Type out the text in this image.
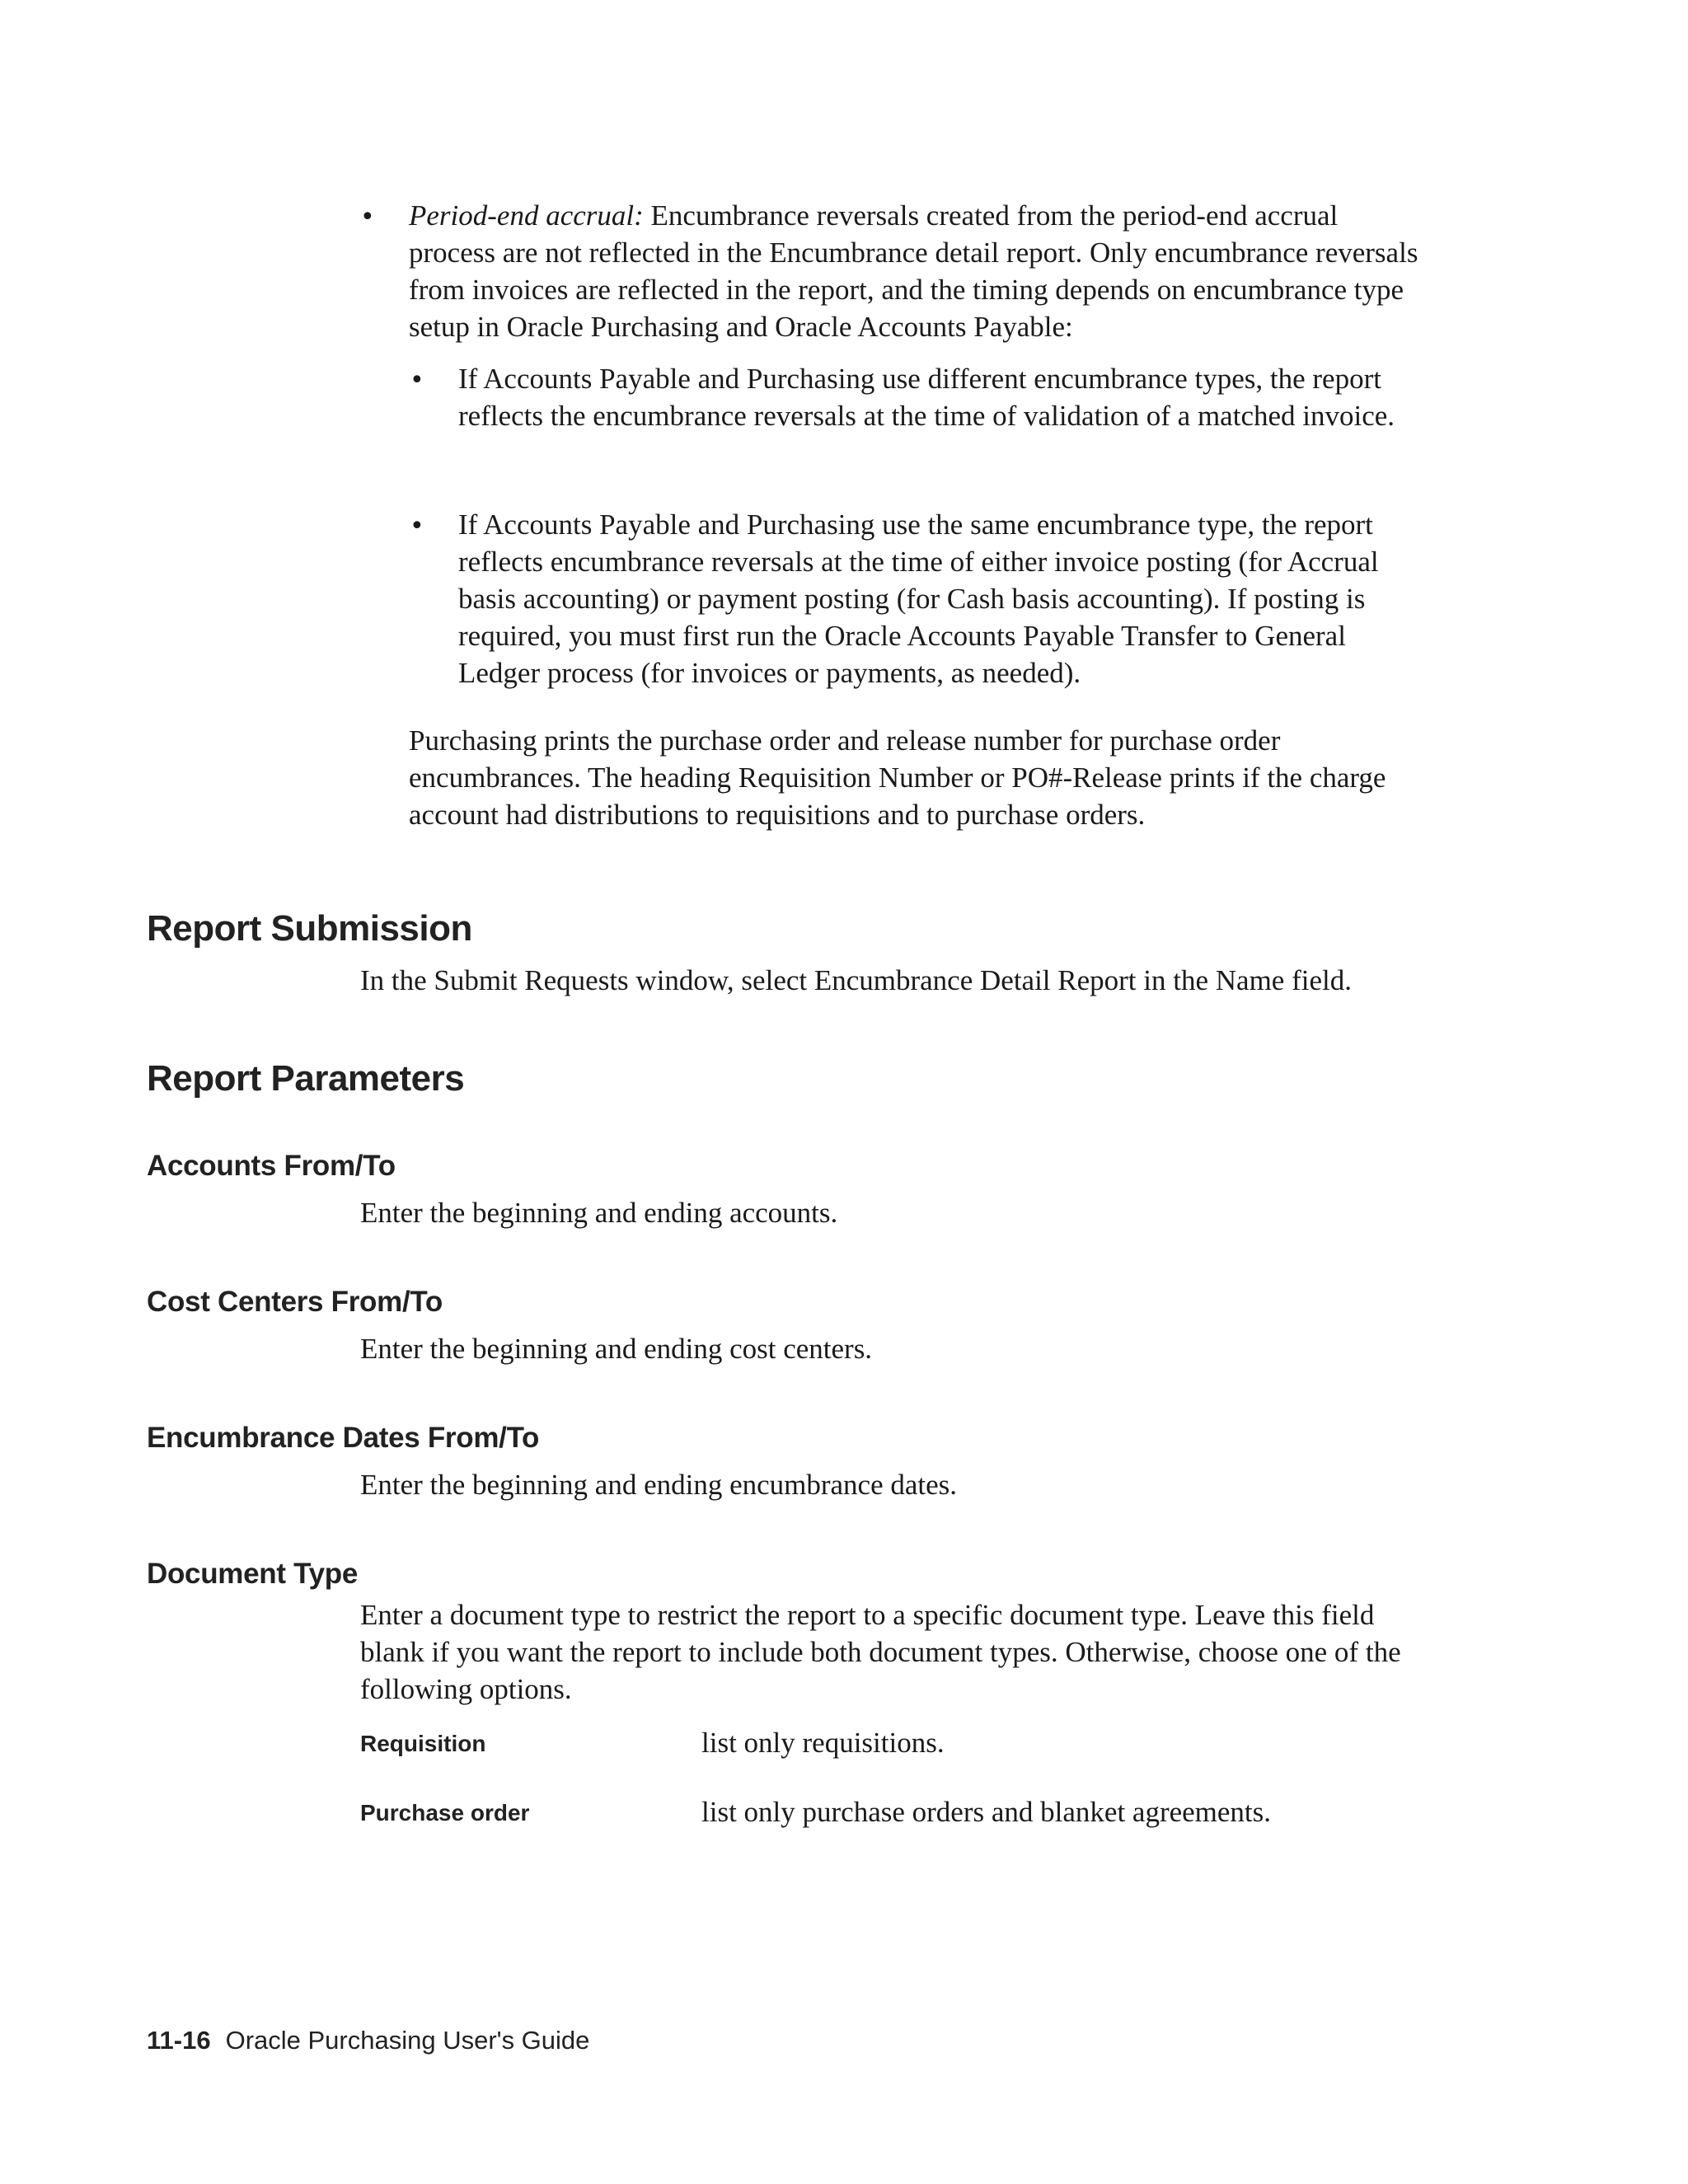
• Period-end accrual: Encumbrance reversals created from the period-end accrual process are not reflected in the Encumbrance detail report. Only encumbrance reversals from invoices are reflected in the report, and the timing depends on encumbrance type setup in Oracle Purchasing and Oracle Accounts Payable:

• If Accounts Payable and Purchasing use different encumbrance types, the report reflects the encumbrance reversals at the time of validation of a matched invoice.

• If Accounts Payable and Purchasing use the same encumbrance type, the report reflects encumbrance reversals at the time of either invoice posting (for Accrual basis accounting) or payment posting (for Cash basis accounting). If posting is required, you must first run the Oracle Accounts Payable Transfer to General Ledger process (for invoices or payments, as needed).

Purchasing prints the purchase order and release number for purchase order encumbrances. The heading Requisition Number or PO#-Release prints if the charge account had distributions to requisitions and to purchase orders.

Report Submission

In the Submit Requests window, select Encumbrance Detail Report in the Name field.

Report Parameters
Accounts From/To

Enter the beginning and ending accounts.

Cost Centers From/To

Enter the beginning and ending cost centers.

Encumbrance Dates From/To

Enter the beginning and ending encumbrance dates.

Document Type

Enter a document type to restrict the report to a specific document type. Leave this field blank if you want the report to include both document types. Otherwise, choose one of the following options.

Requisition	list only requisitions.
Purchase order	list only purchase orders and blanket agreements.
11-16 Oracle Purchasing User's Guide
